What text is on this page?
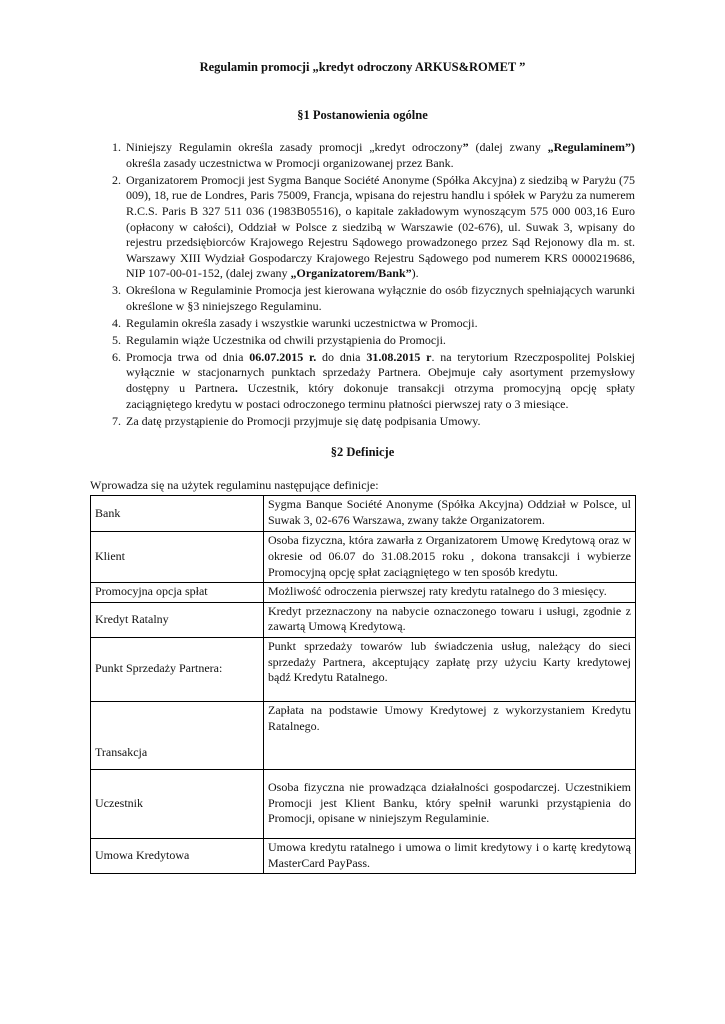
Regulamin promocji „kredyt odroczony ARKUS&ROMET ”

§1 Postanowienia ogólne

1. Niniejszy Regulamin określa zasady promocji „kredyt odroczony” (dalej zwany „Regulaminem”) określa zasady uczestnictwa w Promocji organizowanej przez Bank.
2. Organizatorem Promocji jest Sygma Banque Société Anonyme (Spółka Akcyjna) z siedzibą w Paryżu (75 009), 18, rue de Londres, Paris 75009, Francja, wpisana do rejestru handlu i spółek w Paryżu za numerem R.C.S. Paris B 327 511 036 (1983B05516), o kapitale zakładowym wynoszącym 575 000 003,16 Euro (opłacony w całości), Oddział w Polsce z siedzibą w Warszawie (02-676), ul. Suwak 3, wpisany do rejestru przedsiębiorców Krajowego Rejestru Sądowego prowadzonego przez Sąd Rejonowy dla m. st. Warszawy XIII Wydział Gospodarczy Krajowego Rejestru Sądowego pod numerem KRS 0000219686, NIP 107-00-01-152, (dalej zwany „Organizatorem/Bank”).
3. Określona w Regulaminie Promocja jest kierowana wyłącznie do osób fizycznych spełniających warunki określone w §3 niniejszego Regulaminu.
4. Regulamin określa zasady i wszystkie warunki uczestnictwa w Promocji.
5. Regulamin wiąże Uczestnika od chwili przystąpienia do Promocji.
6. Promocja trwa od dnia 06.07.2015 r. do dnia 31.08.2015 r. na terytorium Rzeczpospolitej Polskiej wyłącznie w stacjonarnych punktach sprzedaży Partnera. Obejmuje cały asortyment przemysłowy dostępny u Partnera. Uczestnik, który dokonuje transakcji otrzyma promocyjną opcję spłaty zaciągniętego kredytu w postaci odroczonego terminu płatności pierwszej raty o 3 miesiące.
7. Za datę przystąpienie do Promocji przyjmuje się datę podpisania Umowy.

§2 Definicje

Wprowadza się na użytek regulaminu następujące definicje:

Bank	Sygma Banque Société Anonyme (Spółka Akcyjna) Oddział w Polsce, ul Suwak 3, 02-676 Warszawa, zwany także Organizatorem.
Klient	Osoba fizyczna, która zawarła z Organizatorem Umowę Kredytową oraz w okresie od 06.07 do 31.08.2015 roku , dokona transakcji i wybierze Promocyjną opcję spłat zaciągniętego w ten sposób kredytu.
Promocyjna opcja spłat	Możliwość odroczenia pierwszej raty kredytu ratalnego do 3 miesięcy.
Kredyt Ratalny	Kredyt przeznaczony na nabycie oznaczonego towaru i usługi, zgodnie z zawartą Umową Kredytową.
Punkt Sprzedaży Partnera:	Punkt sprzedaży towarów lub świadczenia usług, należący do sieci sprzedaży Partnera, akceptujący zapłatę przy użyciu Karty kredytowej bądź Kredytu Ratalnego.
Transakcja	Zapłata na podstawie Umowy Kredytowej z wykorzystaniem Kredytu Ratalnego.
Uczestnik	Osoba fizyczna nie prowadząca działalności gospodarczej. Uczestnikiem Promocji jest Klient Banku, który spełnił warunki przystąpienia do Promocji, opisane w niniejszym Regulaminie.
Umowa Kredytowa	Umowa kredytu ratalnego i umowa o limit kredytowy i o kartę kredytową MasterCard PayPass.
